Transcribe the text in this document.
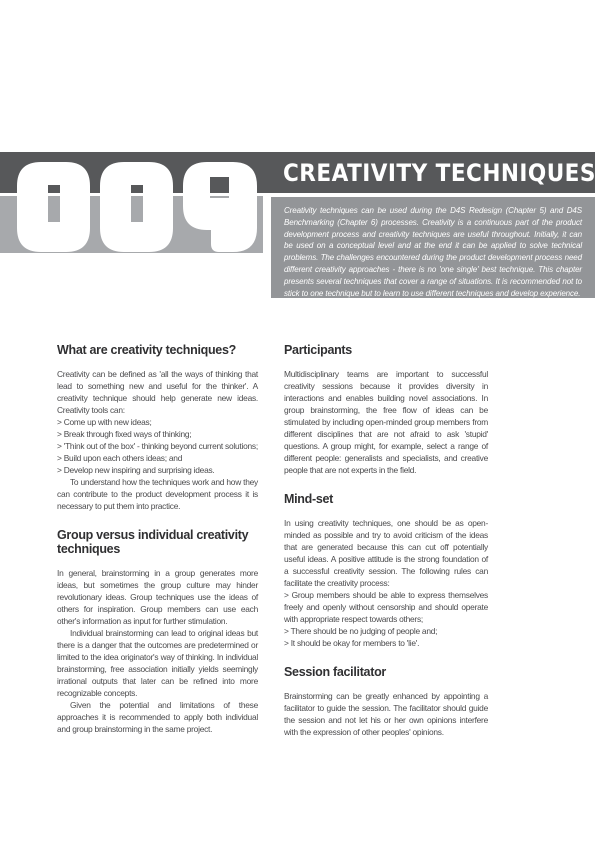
CREATIVITY TECHNIQUES
Creativity techniques can be used during the D4S Redesign (Chapter 5) and D4S Benchmarking (Chapter 6) processes. Creativity is a continuous part of the product development process and creativity techniques are useful throughout. Initially, it can be used on a conceptual level and at the end it can be applied to solve technical problems. The challenges encountered during the product development process need different creativity approaches - there is no 'one single' best technique. This chapter presents several techniques that cover a range of situations. It is recommended not to stick to one technique but to learn to use different techniques and develop experience.
What are creativity techniques?

Creativity can be defined as 'all the ways of thinking that lead to something new and useful for the thinker'. A creativity technique should help generate new ideas. Creativity tools can:

> Come up with new ideas;
> Break through fixed ways of thinking;
> 'Think out of the box' - thinking beyond current solutions;
> Build upon each others ideas; and
> Develop new inspiring and surprising ideas.

To understand how the techniques work and how they can contribute to the product development process it is necessary to put them into practice.

Group versus individual creativity techniques

In general, brainstorming in a group generates more ideas, but sometimes the group culture may hinder revolutionary ideas. Group techniques use the ideas of others for inspiration. Group members can use each other's information as input for further stimulation.

Individual brainstorming can lead to original ideas but there is a danger that the outcomes are predetermined or limited to the idea originator's way of thinking. In individual brainstorming, free association initially yields seemingly irrational outputs that later can be refined into more recognizable concepts.

Given the potential and limitations of these approaches it is recommended to apply both individual and group brainstorming in the same project.

Participants

Multidisciplinary teams are important to successful creativity sessions because it provides diversity in interactions and enables building novel associations. In group brainstorming, the free flow of ideas can be stimulated by including open-minded group members from different disciplines that are not afraid to ask 'stupid' questions. A group might, for example, select a range of different people: generalists and specialists, and creative people that are not experts in the field.

Mind-set

In using creativity techniques, one should be as open-minded as possible and try to avoid criticism of the ideas that are generated because this can cut off potentially useful ideas. A positive attitude is the strong foundation of a successful creativity session. The following rules can facilitate the creativity process:

> Group members should be able to express themselves freely and openly without censorship and should operate with appropriate respect towards others;
> There should be no judging of people and;
> It should be okay for members to 'lie'.
Session facilitator

Brainstorming can be greatly enhanced by appointing a facilitator to guide the session. The facilitator should guide the session and not let his or her own opinions interfere with the expression of other peoples' opinions.
